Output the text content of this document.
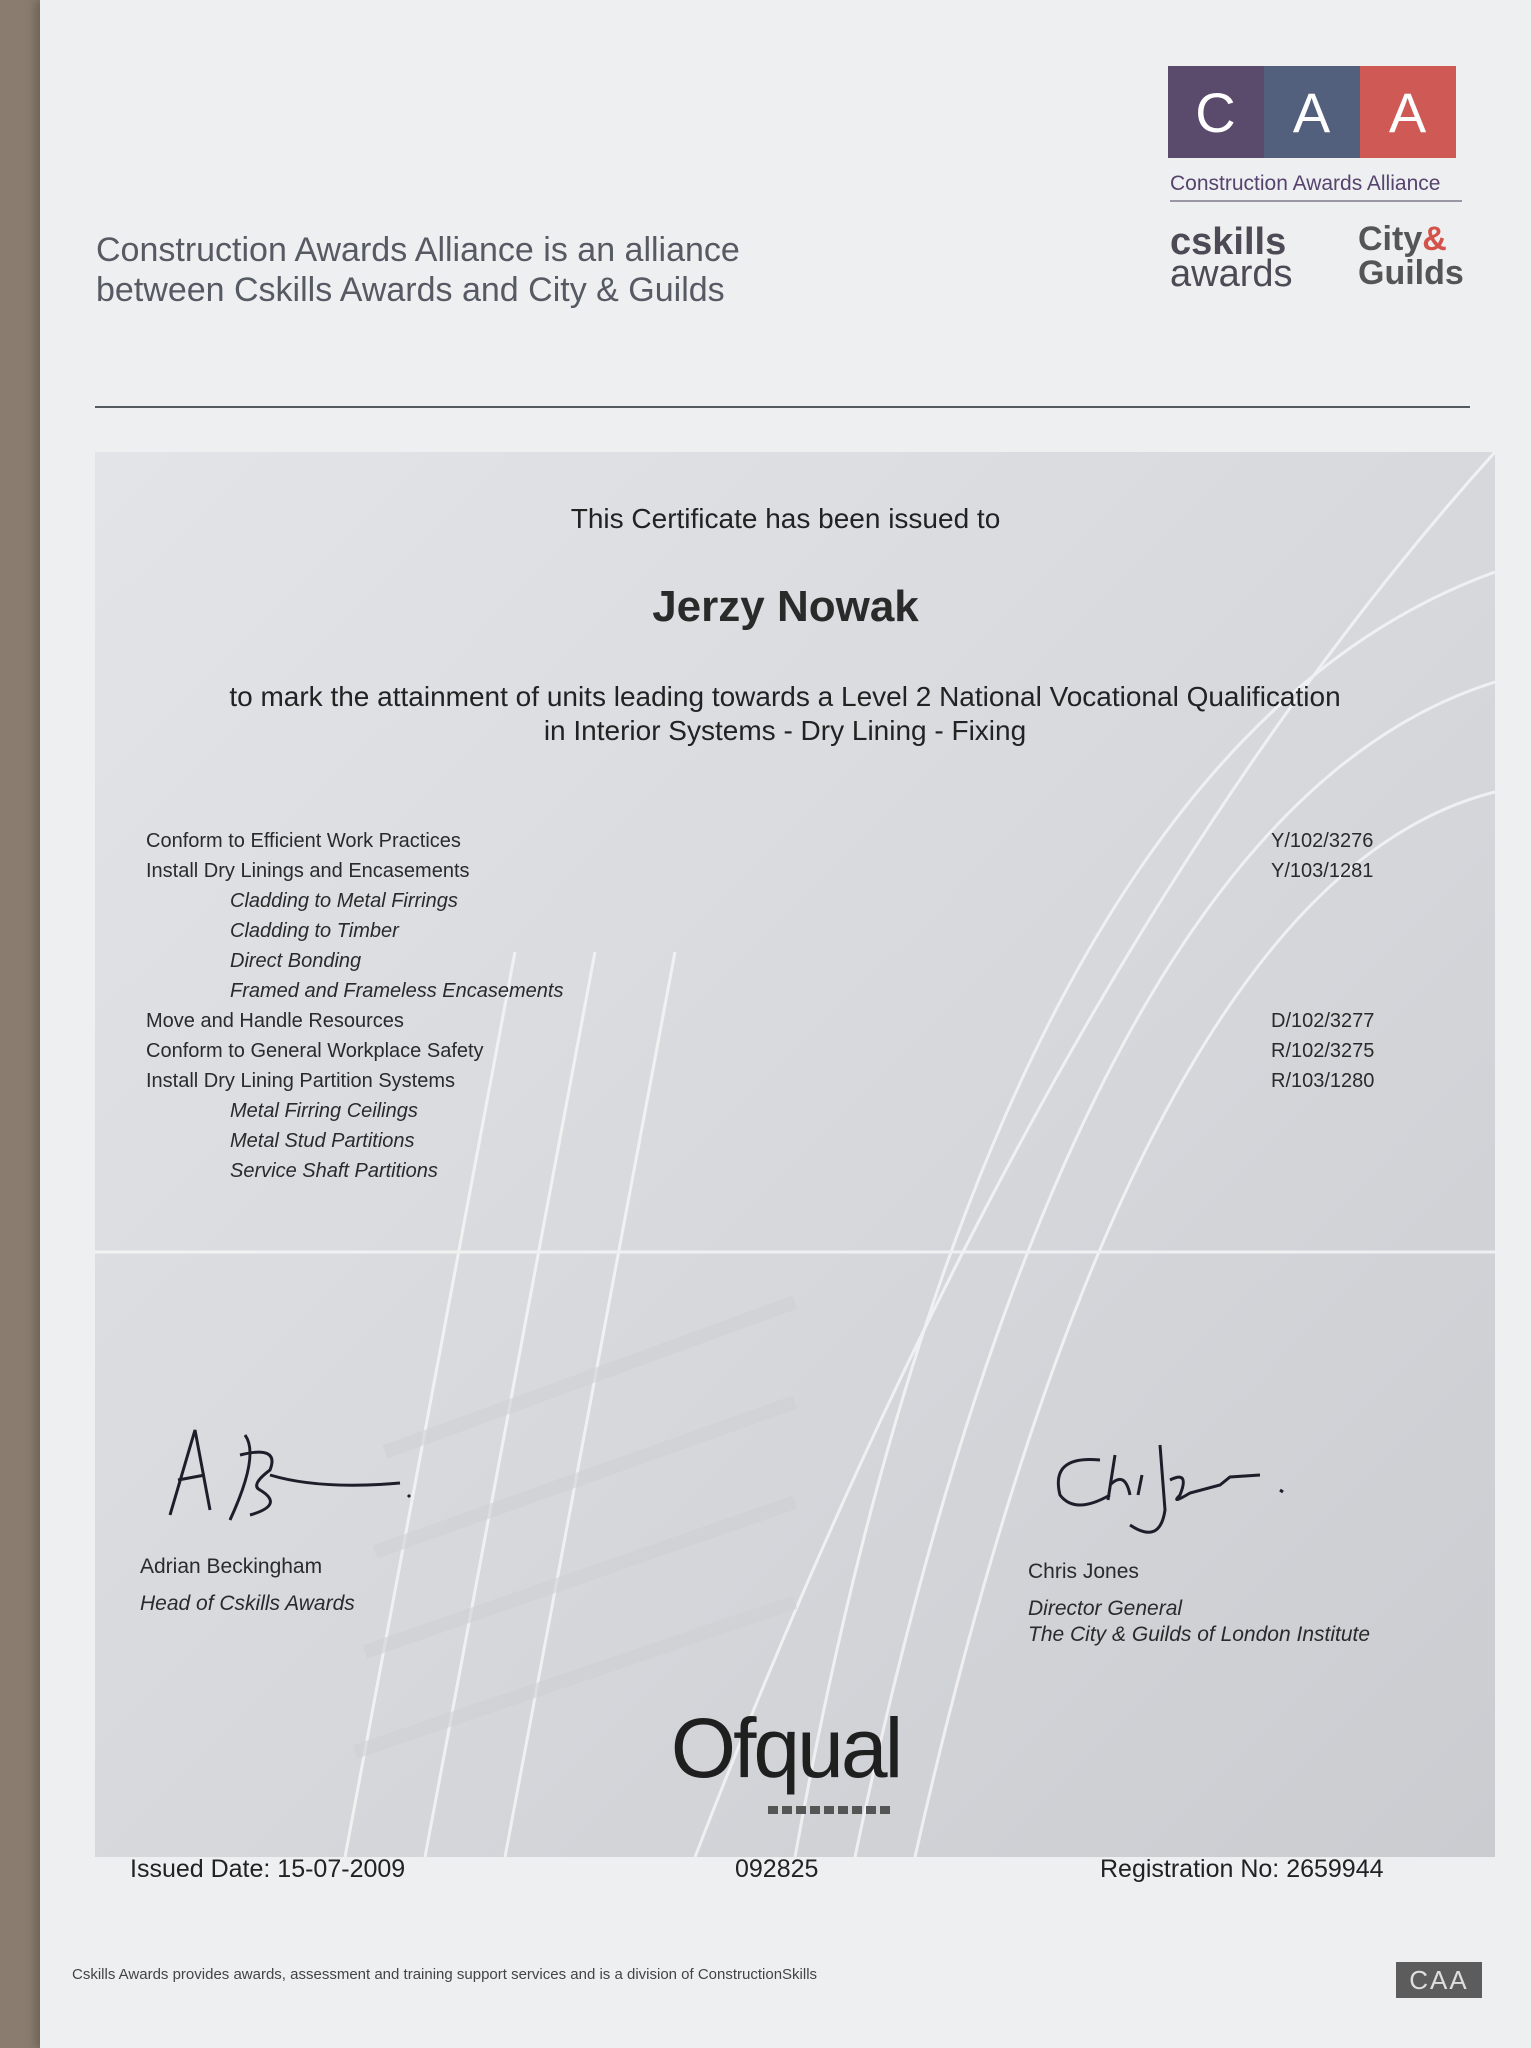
Construction Awards Alliance is an alliance
between Cskills Awards and City & Guilds
C	A	A
Construction Awards Alliance
cskills
awards
City&
Guilds
This Certificate has been issued to
Jerzy Nowak
to mark the attainment of units leading towards a Level 2 National Vocational Qualification
in Interior Systems - Dry Lining - Fixing
Conform to Efficient Work Practices	Y/102/3276
Install Dry Linings and Encasements	Y/103/1281
Cladding to Metal Firrings
Cladding to Timber
Direct Bonding
Framed and Frameless Encasements
Move and Handle Resources	D/102/3277
Conform to General Workplace Safety	R/102/3275
Install Dry Lining Partition Systems	R/103/1280
Metal Firring Ceilings
Metal Stud Partitions
Service Shaft Partitions
Adrian Beckingham
Head of Cskills Awards
Chris Jones
Director General
The City & Guilds of London Institute
Ofqual
Issued Date: 15-07-2009	092825	Registration No: 2659944
Cskills Awards provides awards, assessment and training support services and is a division of ConstructionSkills	CAA
